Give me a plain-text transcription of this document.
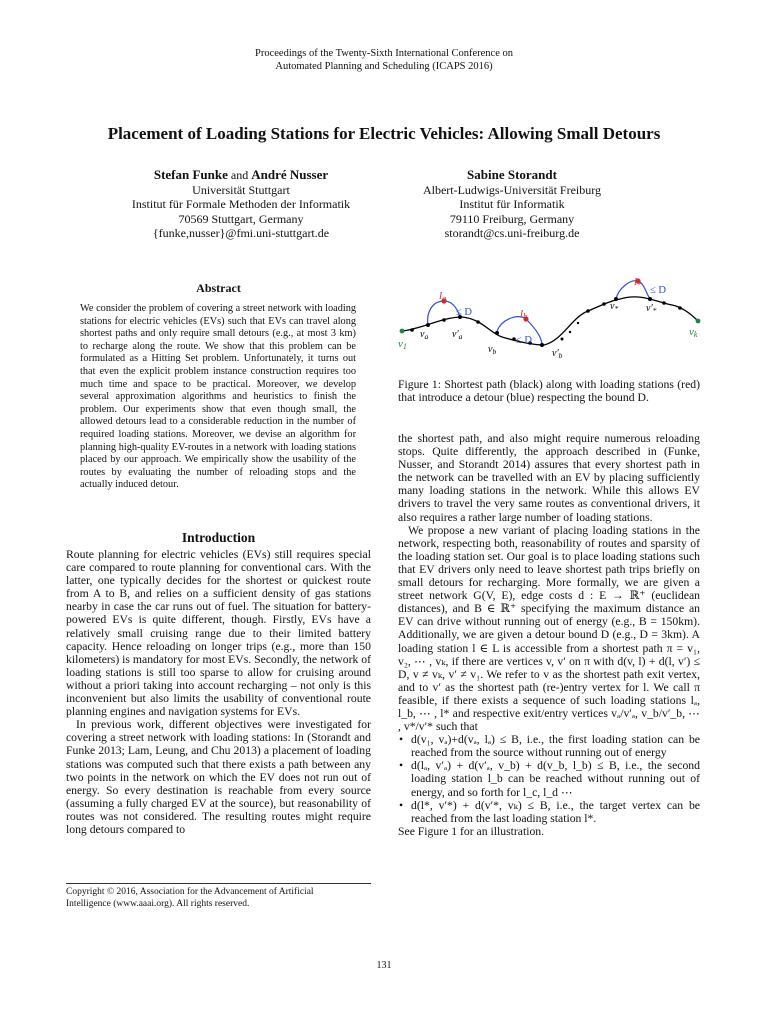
Proceedings of the Twenty-Sixth International Conference on
Automated Planning and Scheduling (ICAPS 2016)
Placement of Loading Stations for Electric Vehicles: Allowing Small Detours
Stefan Funke and André Nusser
Universität Stuttgart
Institut für Formale Methoden der Informatik
70569 Stuttgart, Germany
{funke,nusser}@fmi.uni-stuttgart.de
Sabine Storandt
Albert-Ludwigs-Universität Freiburg
Institut für Informatik
79110 Freiburg, Germany
storandt@cs.uni-freiburg.de
Abstract
We consider the problem of covering a street network with loading stations for electric vehicles (EVs) such that EVs can travel along shortest paths and only require small detours (e.g., at most 3 km) to recharge along the route. We show that this problem can be formulated as a Hitting Set problem. Unfortunately, it turns out that even the explicit problem instance construction requires too much time and space to be practical. Moreover, we develop several approximation algorithms and heuristics to finish the problem. Our experiments show that even though small, the allowed detours lead to a considerable reduction in the number of required loading stations. Moreover, we devise an algorithm for planning high-quality EV-routes in a network with loading stations placed by our approach. We empirically show the usability of the routes by evaluating the number of reloading stops and the actually induced detour.
Introduction

Route planning for electric vehicles (EVs) still requires special care compared to route planning for conventional cars. With the latter, one typically decides for the shortest or quickest route from A to B, and relies on a sufficient density of gas stations nearby in case the car runs out of fuel. The situation for battery-powered EVs is quite different, though. Firstly, EVs have a relatively small cruising range due to their limited battery capacity. Hence reloading on longer trips (e.g., more than 150 kilometers) is mandatory for most EVs. Secondly, the network of loading stations is still too sparse to allow for cruising around without a priori taking into account recharging – not only is this inconvenient but also limits the usability of conventional route planning engines and navigation systems for EVs.

In previous work, different objectives were investigated for covering a street network with loading stations: In (Storandt and Funke 2013; Lam, Leung, and Chu 2013) a placement of loading stations was computed such that there exists a path between any two points in the network on which the EV does not run out of energy. So every destination is reachable from every source (assuming a fully charged EV at the source), but reasonability of routes was not considered. The resulting routes might require long detours compared to

Copyright © 2016, Association for the Advancement of Artificial
Intelligence (www.aaai.org). All rights reserved.
la
≤ D	lb
≤ D
l*
≤ D
v1
$v_a$ $v'_a$
$v_b$	$v'_b$
$v_*$	$v'_*$
vk
Figure 1: Shortest path (black) along with loading stations (red) that introduce a detour (blue) respecting the bound D.

the shortest path, and also might require numerous reloading stops. Quite differently, the approach described in (Funke, Nusser, and Storandt 2014) assures that every shortest path in the network can be travelled with an EV by placing sufficiently many loading stations in the network. While this allows EV drivers to travel the very same routes as conventional drivers, it also requires a rather large number of loading stations.

We propose a new variant of placing loading stations in the network, respecting both, reasonability of routes and sparsity of the loading station set. Our goal is to place loading stations such that EV drivers only need to leave shortest path trips briefly on small detours for recharging. More formally, we are given a street network G(V, E), edge costs d : E → ℝ⁺ (euclidean distances), and B ∈ ℝ⁺ specifying the maximum distance an EV can drive without running out of energy (e.g., B = 150km). Additionally, we are given a detour bound D (e.g., D = 3km). A loading station l ∈ L is accessible from a shortest path π = v₁, v₂, ⋯ , vₖ, if there are vertices v, v′ on π with d(v, l) + d(l, v′) ≤ D, v ≠ vₖ, v′ ≠ v₁. We refer to v as the shortest path exit vertex, and to v′ as the shortest path (re-)entry vertex for l. We call π feasible, if there exists a sequence of such loading stations lₐ, l_b, ⋯ , l* and respective exit/entry vertices vₐ/v′ₐ, v_b/v′_b, ⋯ , v*/v′* such that

• d(v₁, vₐ)+d(vₐ, lₐ) ≤ B, i.e., the first loading station can be reached from the source without running out of energy
• d(lₐ, v′ₐ) + d(v′ₐ, v_b) + d(v_b, l_b) ≤ B, i.e., the second loading station l_b can be reached without running out of energy, and so forth for l_c, l_d ⋯
• d(l*, v′*) + d(v′*, vₖ) ≤ B, i.e., the target vertex can be reached from the last loading station l*.

See Figure 1 for an illustration.

131
